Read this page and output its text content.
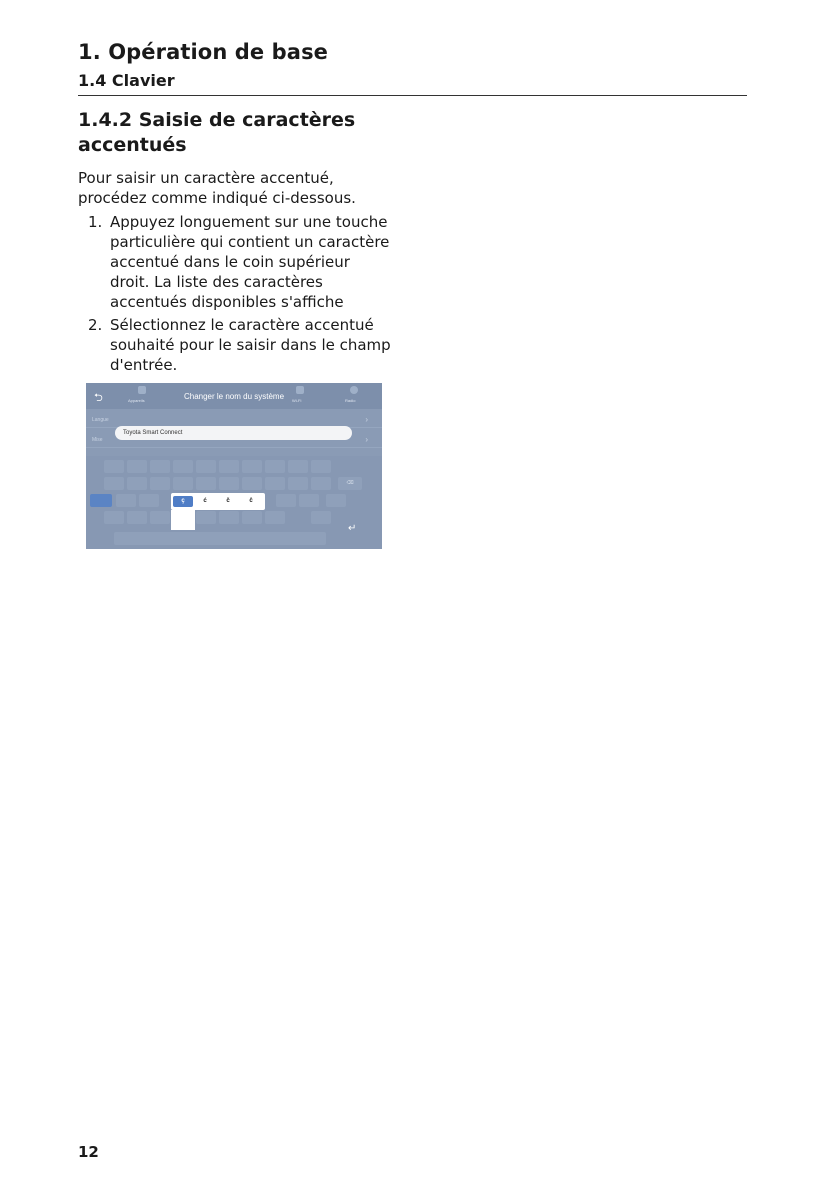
1. Opération de base
1.4 Clavier
1.4.2 Saisie de caractères accentués

Pour saisir un caractère accentué, procédez comme indiqué ci-dessous.

1. Appuyez longuement sur une touche particulière qui contient un caractère accentué dans le coin supérieur droit. La liste des caractères accentués disponibles s'affiche
2. Sélectionnez le caractère accentué souhaité pour le saisir dans le champ d'entrée.
⮌	Appareils	Wi-Fi	Radio
Changer le nom du système
Langue	›
Mise	›
Toyota Smart Connect
⌫
↵
ç	ć	č	ĉ
12
